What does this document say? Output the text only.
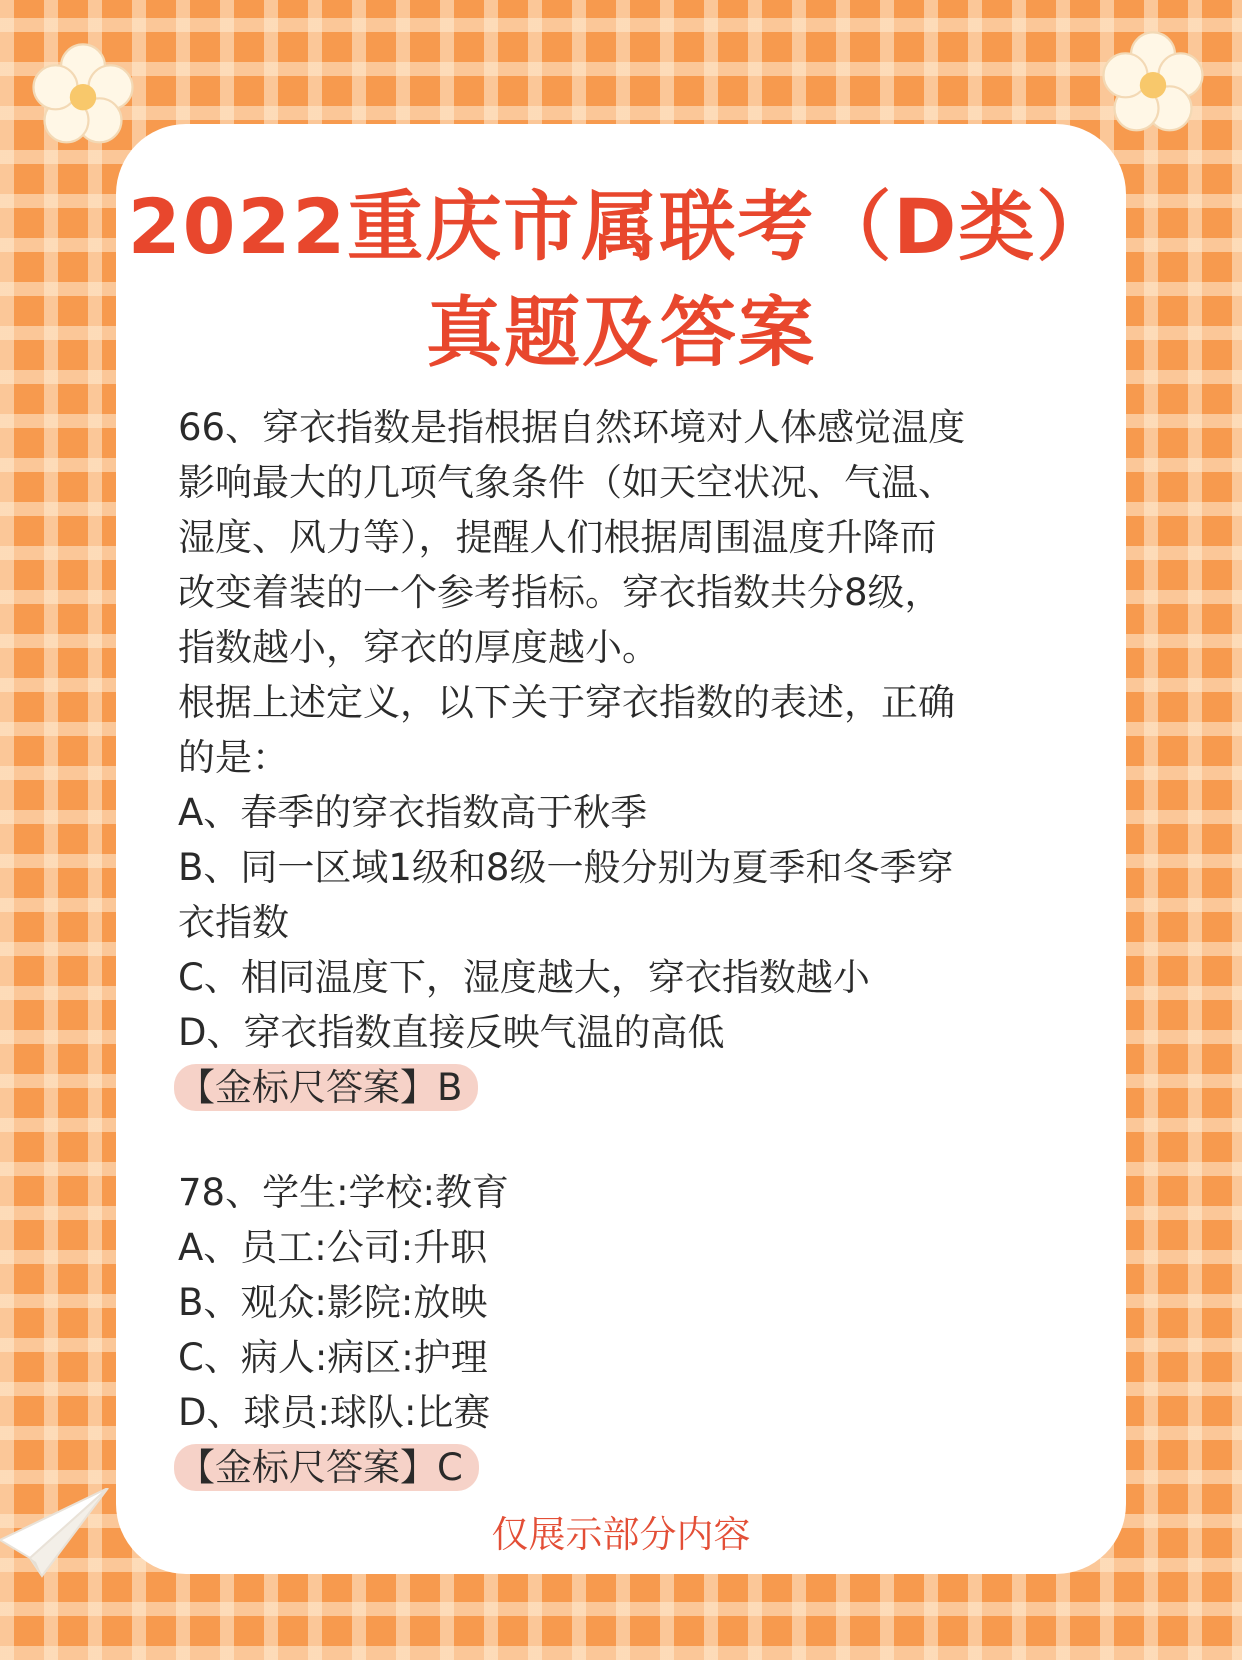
2022重庆市属联考（D类）
真题及答案

66、穿衣指数是指根据自然环境对人体感觉温度

影响最大的几项气象条件（如天空状况、气温、

湿度、风力等），提醒人们根据周围温度升降而

改变着装的一个参考指标。穿衣指数共分8级，

指数越小，穿衣的厚度越小。

根据上述定义，以下关于穿衣指数的表述，正确

的是：

A、春季的穿衣指数高于秋季

B、同一区域1级和8级一般分别为夏季和冬季穿

衣指数

C、相同温度下，湿度越大，穿衣指数越小

D、穿衣指数直接反映气温的高低

【金标尺答案】B

78、学生:学校:教育

A、员工:公司:升职

B、观众:影院:放映

C、病人:病区:护理

D、球员:球队:比赛

【金标尺答案】C
仅展示部分内容
